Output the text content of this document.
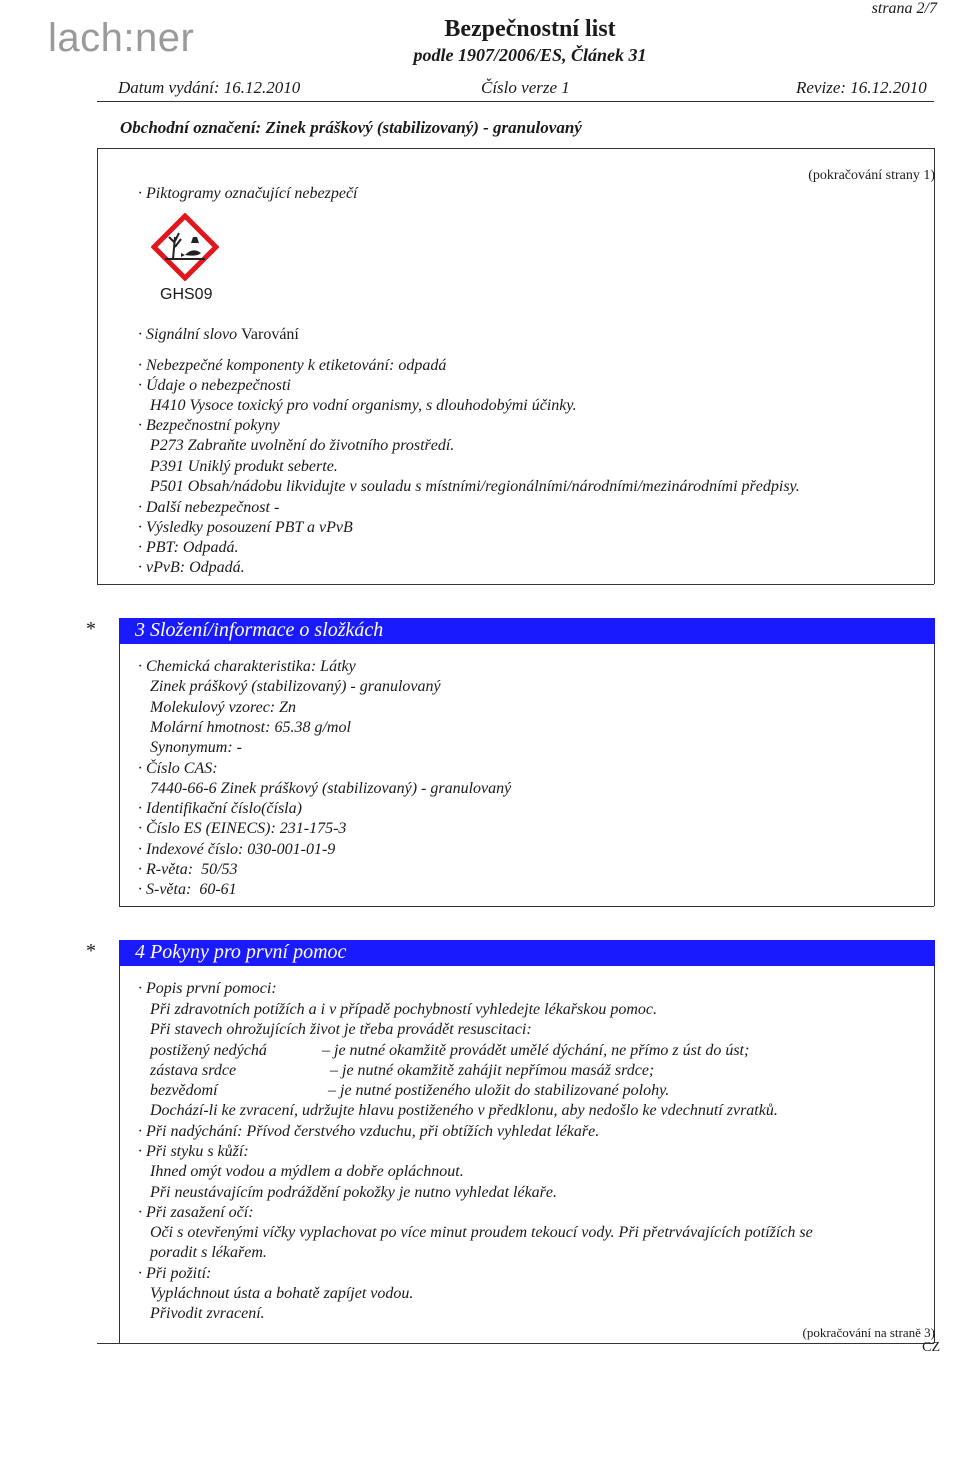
lach:ner	Bezpečnostní list
podle 1907/2006/ES, Článek 31
strana 2/7
Datum vydání: 16.12.2010	Číslo verze 1	Revize: 16.12.2010
Obchodní označení: Zinek práškový (stabilizovaný) - granulovaný
(pokračování strany 1)
· Piktogramy označující nebezpečí
GHS09
· Signální slovo Varování
· Nebezpečné komponenty k etiketování: odpadá
· Údaje o nebezpečnosti
H410 Vysoce toxický pro vodní organismy, s dlouhodobými účinky.
· Bezpečnostní pokyny
P273 Zabraňte uvolnění do životního prostředí.
P391 Uniklý produkt seberte.
P501 Obsah/nádobu likvidujte v souladu s místními/regionálními/národními/mezinárodními předpisy.
· Další nebezpečnost -
· Výsledky posouzení PBT a vPvB
· PBT: Odpadá.
· vPvB: Odpadá.
* 3 Složení/informace o složkách
· Chemická charakteristika: Látky
Zinek práškový (stabilizovaný) - granulovaný
Molekulový vzorec: Zn
Molární hmotnost: 65.38 g/mol
Synonymum: -
· Číslo CAS:
7440-66-6 Zinek práškový (stabilizovaný) - granulovaný
· Identifikační číslo(čísla)
· Číslo ES (EINECS): 231-175-3
· Indexové číslo: 030-001-01-9
· R-věta: 50/53
· S-věta: 60-61
* 4 Pokyny pro první pomoc
· Popis první pomoci:
Při zdravotních potížích a i v případě pochybností vyhledejte lékařskou pomoc.
Při stavech ohrožujících život je třeba provádět resuscitaci:
postižený nedýchá	– je nutné okamžitě provádět umělé dýchání, ne přímo z úst do úst;
zástava srdce	– je nutné okamžitě zahájit nepřímou masáž srdce;
bezvědomí	– je nutné postiženého uložit do stabilizované polohy.
Dochází-li ke zvracení, udržujte hlavu postiženého v předklonu, aby nedošlo ke vdechnutí zvratků.
· Při nadýchání: Přívod čerstvého vzduchu, při obtížích vyhledat lékaře.
· Při styku s kůží:
Ihned omýt vodou a mýdlem a dobře opláchnout.
Při neustávajícím podráždění pokožky je nutno vyhledat lékaře.
· Při zasažení očí:
Oči s otevřenými víčky vyplachovat po více minut proudem tekoucí vody. Při přetrvávajících potížích se
poradit s lékařem.
· Při požití:
Vypláchnout ústa a bohatě zapíjet vodou.
Přivodit zvracení.
(pokračování na straně 3)
CZ
